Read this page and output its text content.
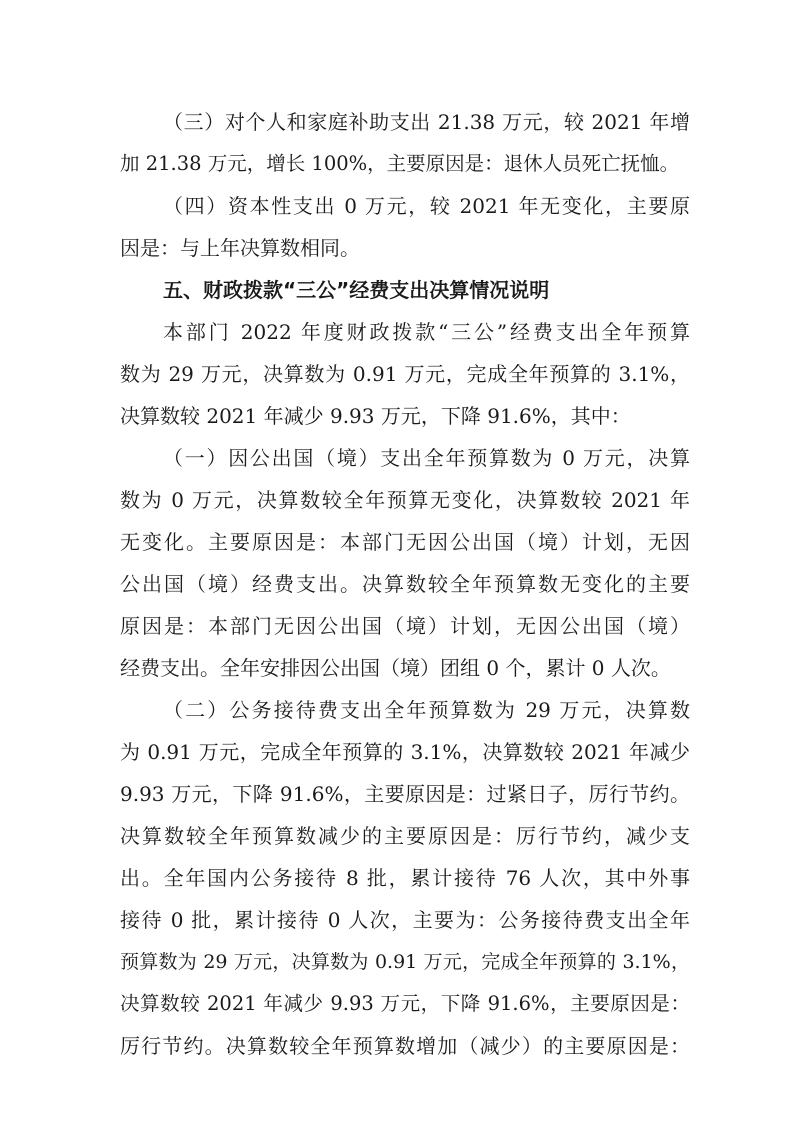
（三）对个人和家庭补助支出 21.38 万元，较 2021 年增
加 21.38 万元，增长 100%，主要原因是：退休人员死亡抚恤。
（四）资本性支出 0 万元，较 2021 年无变化，主要原
因是：与上年决算数相同。
五、财政拨款“三公”经费支出决算情况说明
本部门 2022 年度财政拨款“三公”经费支出全年预算
数为 29 万元，决算数为 0.91 万元，完成全年预算的 3.1%，
决算数较 2021 年减少 9.93 万元，下降 91.6%，其中：
（一）因公出国（境）支出全年预算数为 0 万元，决算
数为 0 万元，决算数较全年预算无变化，决算数较 2021 年
无变化。主要原因是：本部门无因公出国（境）计划，无因
公出国（境）经费支出。决算数较全年预算数无变化的主要
原因是：本部门无因公出国（境）计划，无因公出国（境）
经费支出。全年安排因公出国（境）团组 0 个，累计 0 人次。
（二）公务接待费支出全年预算数为 29 万元，决算数
为 0.91 万元，完成全年预算的 3.1%，决算数较 2021 年减少
9.93 万元，下降 91.6%，主要原因是：过紧日子，厉行节约。
决算数较全年预算数减少的主要原因是：厉行节约，减少支
出。全年国内公务接待 8 批，累计接待 76 人次，其中外事
接待 0 批，累计接待 0 人次，主要为：公务接待费支出全年
预算数为 29 万元，决算数为 0.91 万元，完成全年预算的 3.1%，
决算数较 2021 年减少 9.93 万元，下降 91.6%，主要原因是：
厉行节约。决算数较全年预算数增加（减少）的主要原因是：
